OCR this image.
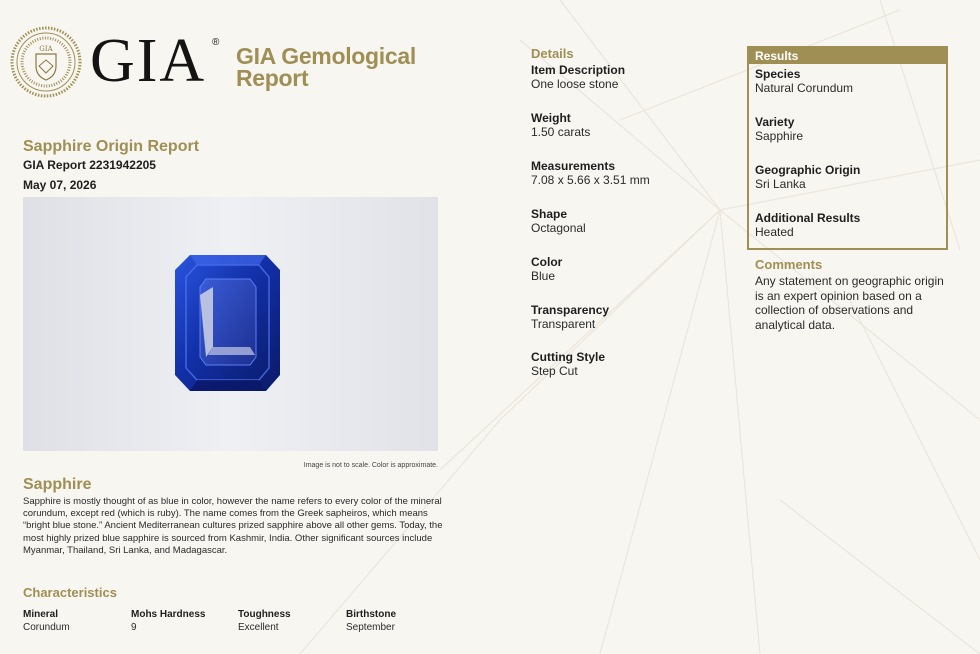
GIA GIA ®
GIA Gemological Report
Sapphire Origin Report
GIA Report 2231942205
May 07, 2026
Image is not to scale. Color is approximate.
Sapphire
Sapphire is mostly thought of as blue in color, however the name refers to every color of the mineral corundum, except red (which is ruby). The name comes from the Greek sapheiros, which means “bright blue stone.” Ancient Mediterranean cultures prized sapphire above all other gems. Today, the most highly prized blue sapphire is sourced from Kashmir, India. Other significant sources include Myanmar, Thailand, Sri Lanka, and Madagascar.
Characteristics
Mineral
Corundum
Mohs Hardness
9
Toughness
Excellent
Birthstone
September
Details
Item Description
One loose stone
Weight
1.50 carats
Measurements
7.08 x 5.66 x 3.51 mm
Shape
Octagonal
Color
Blue
Transparency
Transparent
Cutting Style
Step Cut
Results
Species
Natural Corundum
Variety
Sapphire
Geographic Origin
Sri Lanka
Additional Results
Heated
Comments
Any statement on geographic origin is an expert opinion based on a collection of observations and analytical data.
